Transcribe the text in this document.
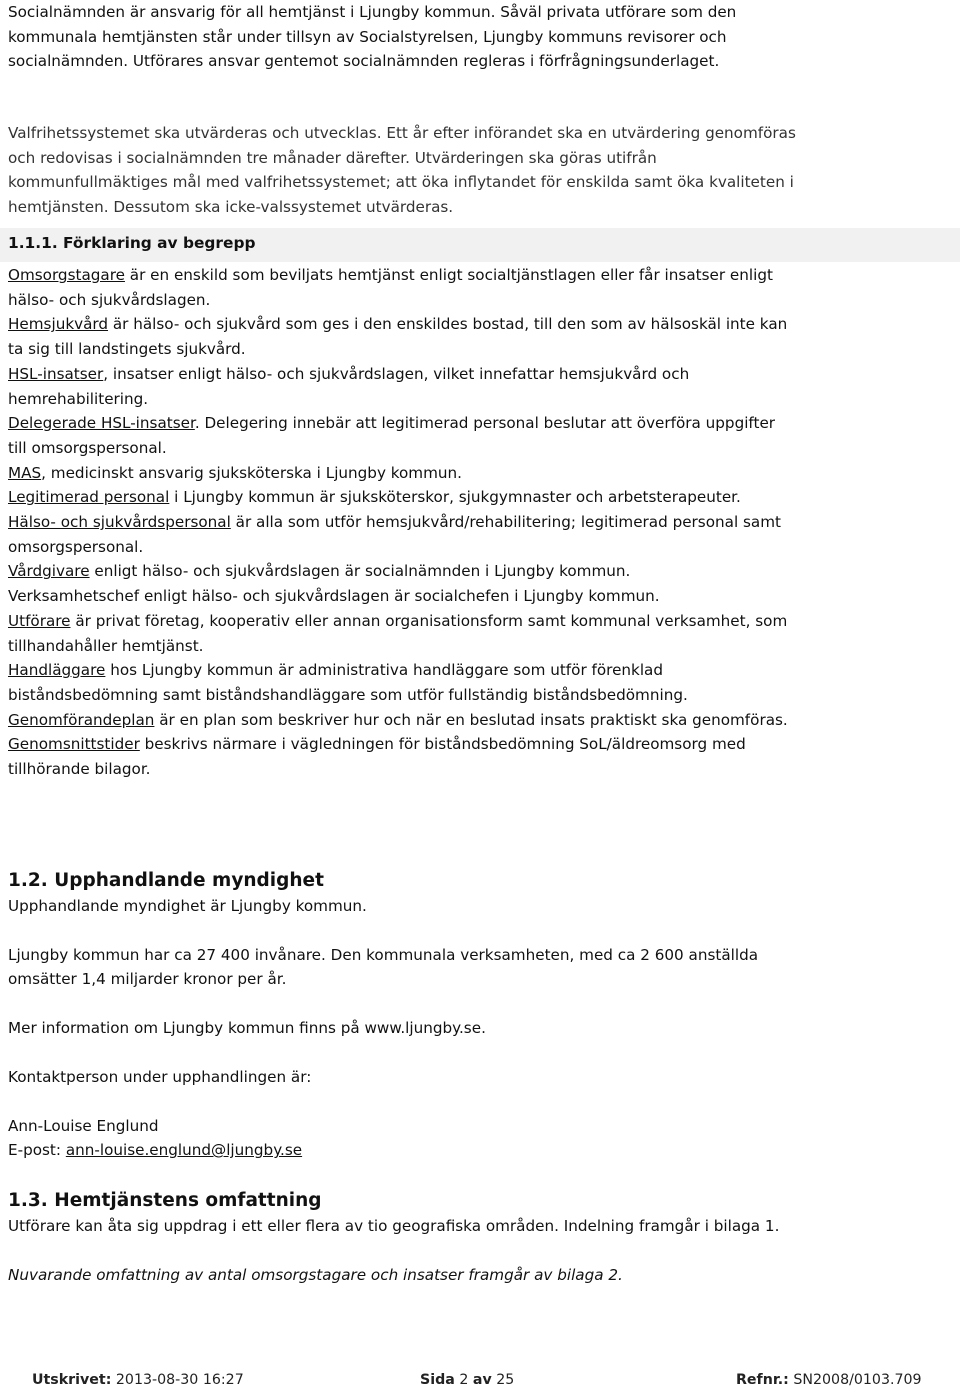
Socialnämnden är ansvarig för all hemtjänst i Ljungby kommun. Såväl privata utförare som den kommunala hemtjänsten står under tillsyn av Socialstyrelsen, Ljungby kommuns revisorer och socialnämnden. Utförares ansvar gentemot socialnämnden regleras i förfrågningsunderlaget.

Valfrihetssystemet ska utvärderas och utvecklas. Ett år efter införandet ska en utvärdering genomföras och redovisas i socialnämnden tre månader därefter. Utvärderingen ska göras utifrån kommunfullmäktiges mål med valfrihetssystemet; att öka inflytandet för enskilda samt öka kvaliteten i hemtjänsten. Dessutom ska icke-valssystemet utvärderas.

1.1.1. Förklaring av begrepp

Omsorgstagare är en enskild som beviljats hemtjänst enligt socialtjänstlagen eller får insatser enligt hälso- och sjukvårdslagen.

Hemsjukvård är hälso- och sjukvård som ges i den enskildes bostad, till den som av hälsoskäl inte kan ta sig till landstingets sjukvård.

HSL-insatser, insatser enligt hälso- och sjukvårdslagen, vilket innefattar hemsjukvård och hemrehabilitering.

Delegerade HSL-insatser. Delegering innebär att legitimerad personal beslutar att överföra uppgifter till omsorgspersonal.

MAS, medicinskt ansvarig sjuksköterska i Ljungby kommun.

Legitimerad personal i Ljungby kommun är sjuksköterskor, sjukgymnaster och arbetsterapeuter.

Hälso- och sjukvårdspersonal är alla som utför hemsjukvård/rehabilitering; legitimerad personal samt omsorgspersonal.

Vårdgivare enligt hälso- och sjukvårdslagen är socialnämnden i Ljungby kommun.

Verksamhetschef enligt hälso- och sjukvårdslagen är socialchefen i Ljungby kommun.

Utförare är privat företag, kooperativ eller annan organisationsform samt kommunal verksamhet, som tillhandahåller hemtjänst.

Handläggare hos Ljungby kommun är administrativa handläggare som utför förenklad biståndsbedömning samt biståndshandläggare som utför fullständig biståndsbedömning.

Genomförandeplan är en plan som beskriver hur och när en beslutad insats praktiskt ska genomföras.

Genomsnittstider beskrivs närmare i vägledningen för biståndsbedömning SoL/äldreomsorg med tillhörande bilagor.

1.2. Upphandlande myndighet

Upphandlande myndighet är Ljungby kommun.

Ljungby kommun har ca 27 400 invånare. Den kommunala verksamheten, med ca 2 600 anställda omsätter 1,4 miljarder kronor per år.

Mer information om Ljungby kommun finns på www.ljungby.se.

Kontaktperson under upphandlingen är:

Ann-Louise Englund

E-post: ann-louise.englund@ljungby.se

1.3. Hemtjänstens omfattning

Utförare kan åta sig uppdrag i ett eller flera av tio geografiska områden. Indelning framgår i bilaga 1.

Nuvarande omfattning av antal omsorgstagare och insatser framgår av bilaga 2.

Utskrivet: 2013-08-30 16:27	Sida 2 av 25	Refnr.: SN2008/0103.709
